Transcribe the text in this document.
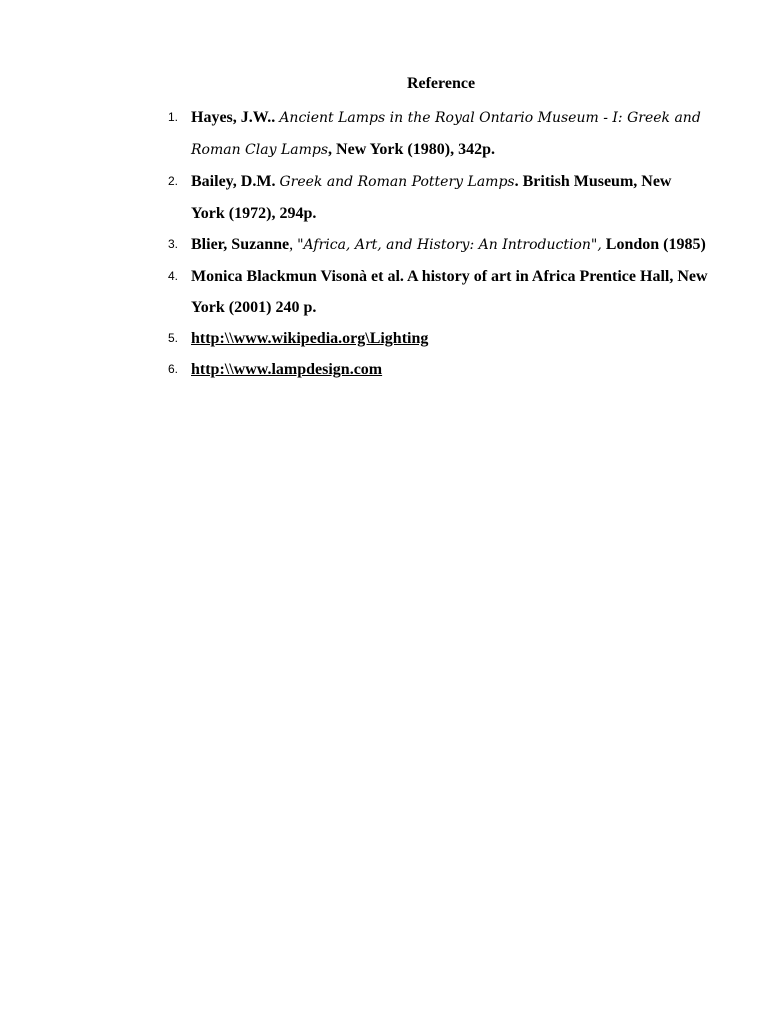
Reference
1. Hayes, J.W.. Ancient Lamps in the Royal Ontario Museum - I: Greek and Roman Clay Lamps, New York (1980), 342p.
2. Bailey, D.M. Greek and Roman Pottery Lamps. British Museum, New York (1972), 294p.
3. Blier, Suzanne, "Africa, Art, and History: An Introduction", London (1985)
4. Monica Blackmun Visonà et al. A history of art in Africa Prentice Hall, New York (2001) 240 p.
5. http:\\www.wikipedia.org\Lighting
6. http:\\www.lampdesign.com
